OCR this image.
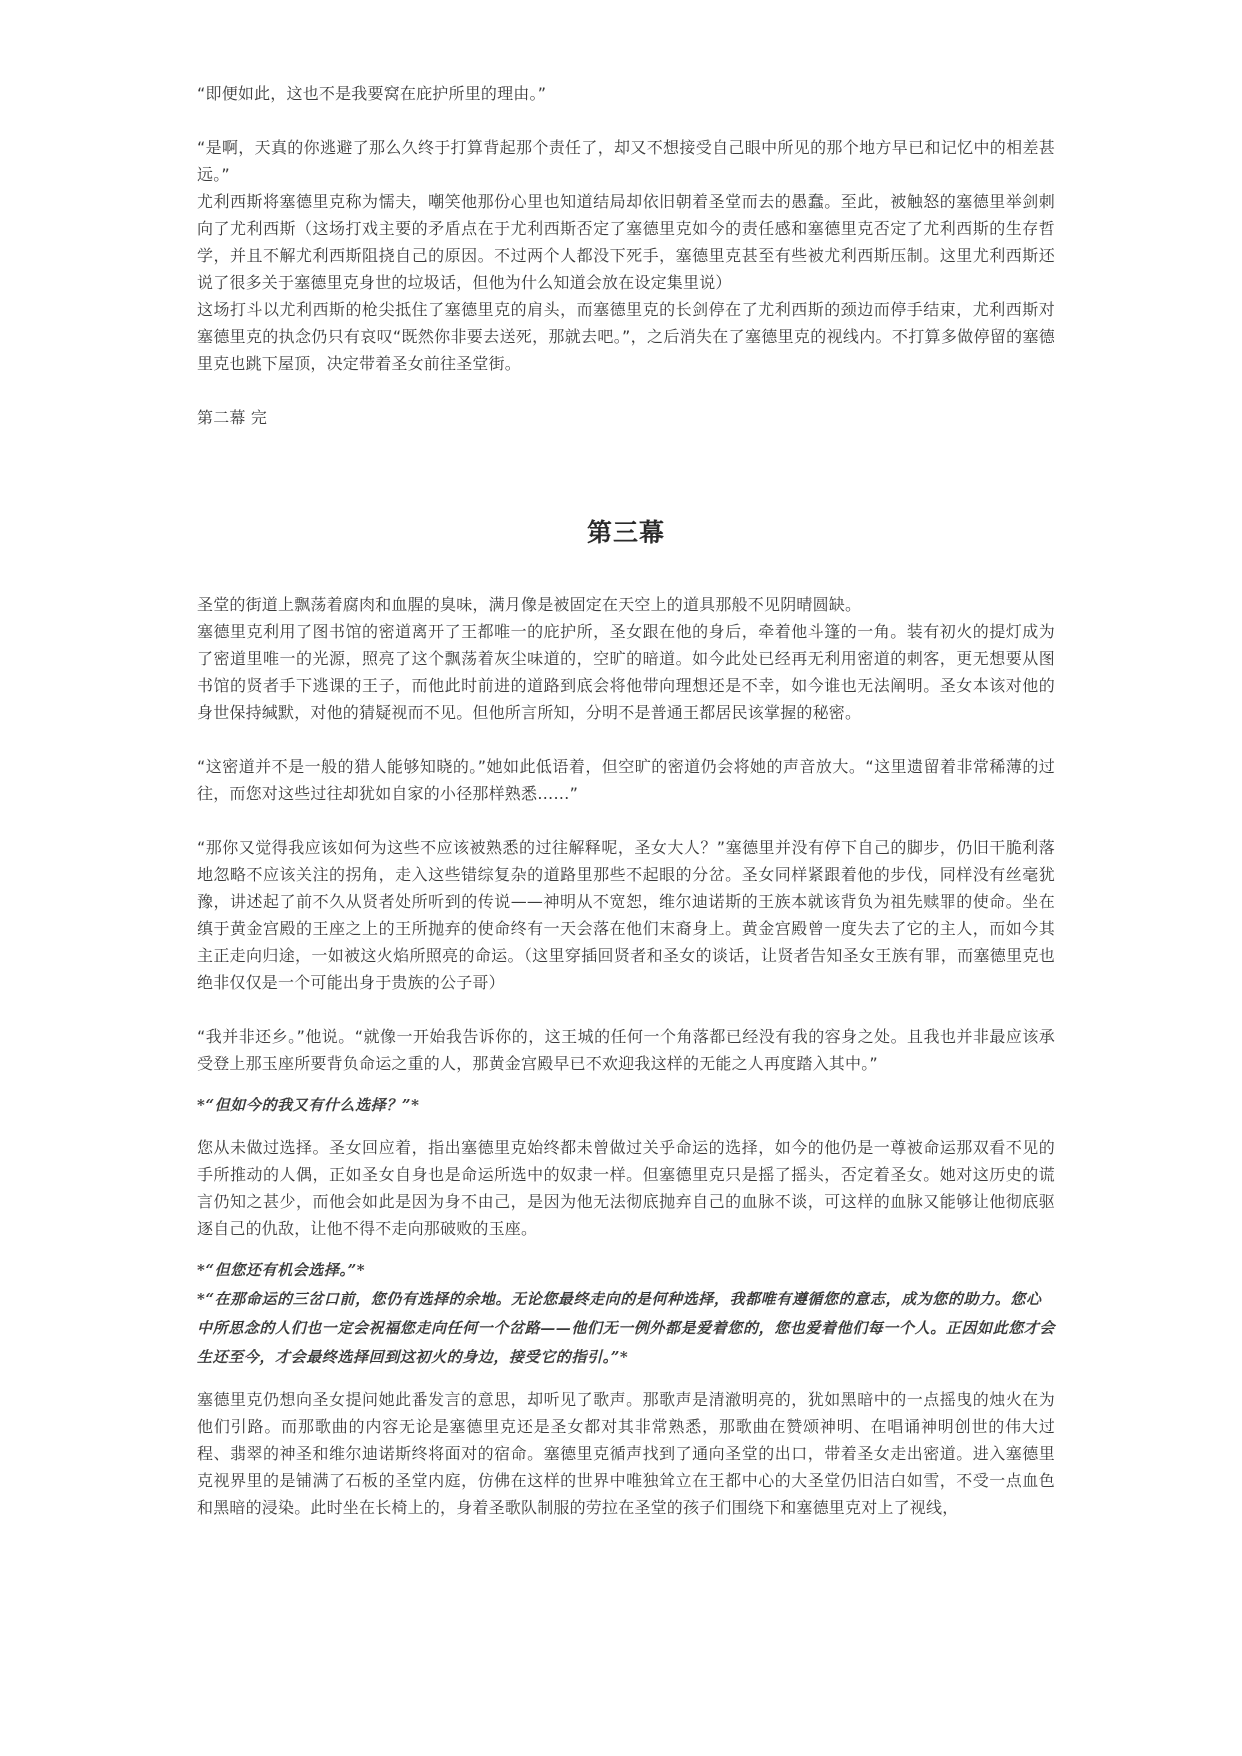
“即便如此，这也不是我要窝在庇护所里的理由。”

“是啊，天真的你逃避了那么久终于打算背起那个责任了，却又不想接受自己眼中所见的那个地方早已和记忆中的相差甚远。”

尤利西斯将塞德里克称为懦夫，嘲笑他那份心里也知道结局却依旧朝着圣堂而去的愚蠢。至此，被触怒的塞德里举剑刺向了尤利西斯（这场打戏主要的矛盾点在于尤利西斯否定了塞德里克如今的责任感和塞德里克否定了尤利西斯的生存哲学，并且不解尤利西斯阻挠自己的原因。不过两个人都没下死手，塞德里克甚至有些被尤利西斯压制。这里尤利西斯还说了很多关于塞德里克身世的垃圾话，但他为什么知道会放在设定集里说）

这场打斗以尤利西斯的枪尖抵住了塞德里克的肩头，而塞德里克的长剑停在了尤利西斯的颈边而停手结束，尤利西斯对塞德里克的执念仍只有哀叹“既然你非要去送死，那就去吧。”，之后消失在了塞德里克的视线内。不打算多做停留的塞德里克也跳下屋顶，决定带着圣女前往圣堂街。

第二幕 完

第三幕

圣堂的街道上飘荡着腐肉和血腥的臭味，满月像是被固定在天空上的道具那般不见阴晴圆缺。

塞德里克利用了图书馆的密道离开了王都唯一的庇护所，圣女跟在他的身后，牵着他斗篷的一角。装有初火的提灯成为了密道里唯一的光源，照亮了这个飘荡着灰尘味道的，空旷的暗道。如今此处已经再无利用密道的刺客，更无想要从图书馆的贤者手下逃课的王子，而他此时前进的道路到底会将他带向理想还是不幸，如今谁也无法阐明。圣女本该对他的身世保持缄默，对他的猜疑视而不见。但他所言所知，分明不是普通王都居民该掌握的秘密。

“这密道并不是一般的猎人能够知晓的。”她如此低语着，但空旷的密道仍会将她的声音放大。“这里遗留着非常稀薄的过往，而您对这些过往却犹如自家的小径那样熟悉……”

“那你又觉得我应该如何为这些不应该被熟悉的过往解释呢，圣女大人？”塞德里并没有停下自己的脚步，仍旧干脆利落地忽略不应该关注的拐角，走入这些错综复杂的道路里那些不起眼的分岔。圣女同样紧跟着他的步伐，同样没有丝毫犹豫，讲述起了前不久从贤者处所听到的传说——神明从不宽恕，维尔迪诺斯的王族本就该背负为祖先赎罪的使命。坐在缜于黄金宫殿的王座之上的王所抛弃的使命终有一天会落在他们末裔身上。黄金宫殿曾一度失去了它的主人，而如今其主正走向归途，一如被这火焰所照亮的命运。（这里穿插回贤者和圣女的谈话，让贤者告知圣女王族有罪，而塞德里克也绝非仅仅是一个可能出身于贵族的公子哥）

“我并非还乡。”他说。“就像一开始我告诉你的，这王城的任何一个角落都已经没有我的容身之处。且我也并非最应该承受登上那玉座所要背负命运之重的人，那黄金宫殿早已不欢迎我这样的无能之人再度踏入其中。”

*“但如今的我又有什么选择？”*

您从未做过选择。圣女回应着，指出塞德里克始终都未曾做过关乎命运的选择，如今的他仍是一尊被命运那双看不见的手所推动的人偶，正如圣女自身也是命运所选中的奴隶一样。但塞德里克只是摇了摇头，否定着圣女。她对这历史的谎言仍知之甚少，而他会如此是因为身不由己，是因为他无法彻底抛弃自己的血脉不谈，可这样的血脉又能够让他彻底驱逐自己的仇敌，让他不得不走向那破败的玉座。

*“但您还有机会选择。”*

*“在那命运的三岔口前，您仍有选择的余地。无论您最终走向的是何种选择，我都唯有遵循您的意志，成为您的助力。您心中所思念的人们也一定会祝福您走向任何一个岔路——他们无一例外都是爱着您的，您也爱着他们每一个人。正因如此您才会生还至今，才会最终选择回到这初火的身边，接受它的指引。”*

塞德里克仍想向圣女提问她此番发言的意思，却听见了歌声。那歌声是清澈明亮的，犹如黑暗中的一点摇曳的烛火在为他们引路。而那歌曲的内容无论是塞德里克还是圣女都对其非常熟悉，那歌曲在赞颂神明、在唱诵神明创世的伟大过程、翡翠的神圣和维尔迪诺斯终将面对的宿命。塞德里克循声找到了通向圣堂的出口，带着圣女走出密道。进入塞德里克视界里的是铺满了石板的圣堂内庭，仿佛在这样的世界中唯独耸立在王都中心的大圣堂仍旧洁白如雪，不受一点血色和黑暗的浸染。此时坐在长椅上的，身着圣歌队制服的劳拉在圣堂的孩子们围绕下和塞德里克对上了视线，
